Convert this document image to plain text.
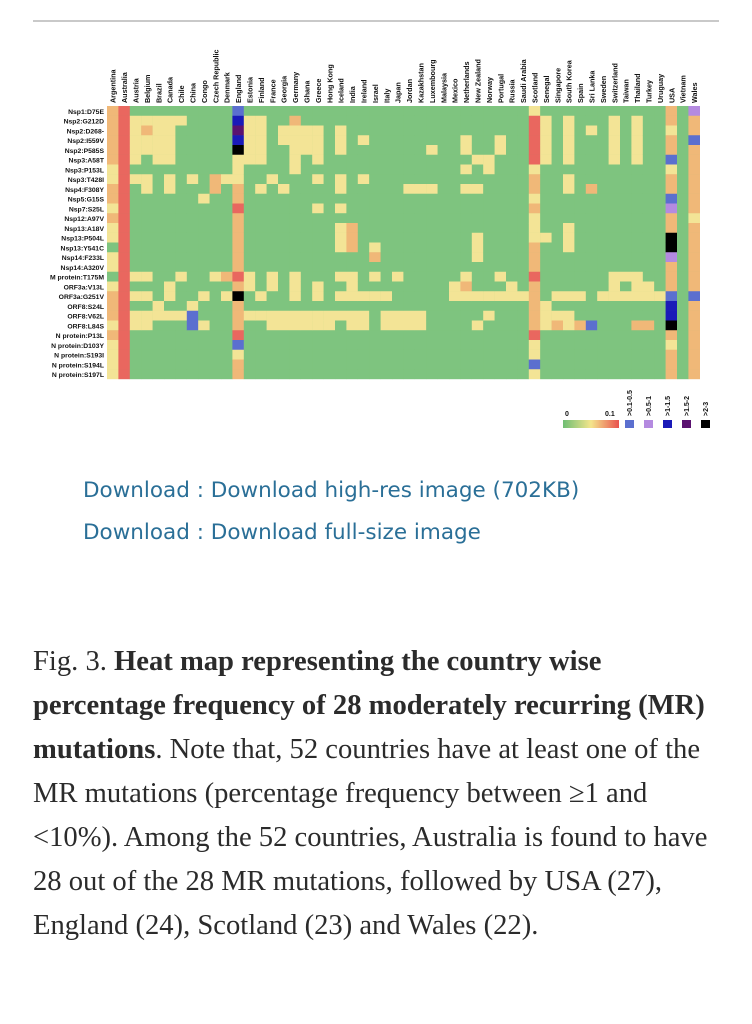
Argentina Australia Austria Belgium Brazil Canada Chile China Congo Czech Republic Denmark England Estonia Finland France Georgia Germany Ghana Greece Hong Kong Iceland India Ireland Israel Italy Japan Jordan Kazakhstan Luxembourg Malaysia Mexico Netherlands New Zealand Norway Portugal Russia Saudi Arabia Scotland Senegal Singapore South Korea Spain Sri Lanka Sweden Switzerland Taiwan Thailand Turkey Uruguay USA Vietnam Wales
Nsp1:D75E
Nsp2:G212D
Nsp2:D268-
Nsp2:I559V
Nsp2:P585S
Nsp3:A58T
Nsp3:P153L
Nsp3:T428I
Nsp4:F308Y
Nsp5:G15S
Nsp7:S25L
Nsp12:A97V
Nsp13:A18V
Nsp13:P504L
Nsp13:Y541C
Nsp14:F233L
Nsp14:A320V
M protein:T175M
ORF3a:V13L
ORF3a:G251V
ORF8:S24L
ORF8:V62L
ORF8:L84S
N protein:P13L
N protein:D103Y
N protein:S193I
N protein:S194L
N protein:S197L
0	0.1 >0.1-0.5 >0.5-1 >1-1.5 >1.5-2 >2-3
Download : Download high-res image (702KB)
Download : Download full-size image
Fig. 3. Heat map representing the country wise percentage frequency of 28 moderately recurring (MR) mutations. Note that, 52 countries have at least one of the MR mutations (percentage frequency between ≥1 and <10%). Among the 52 countries, Australia is found to have 28 out of the 28 MR mutations, followed by USA (27), England (24), Scotland (23) and Wales (22).
